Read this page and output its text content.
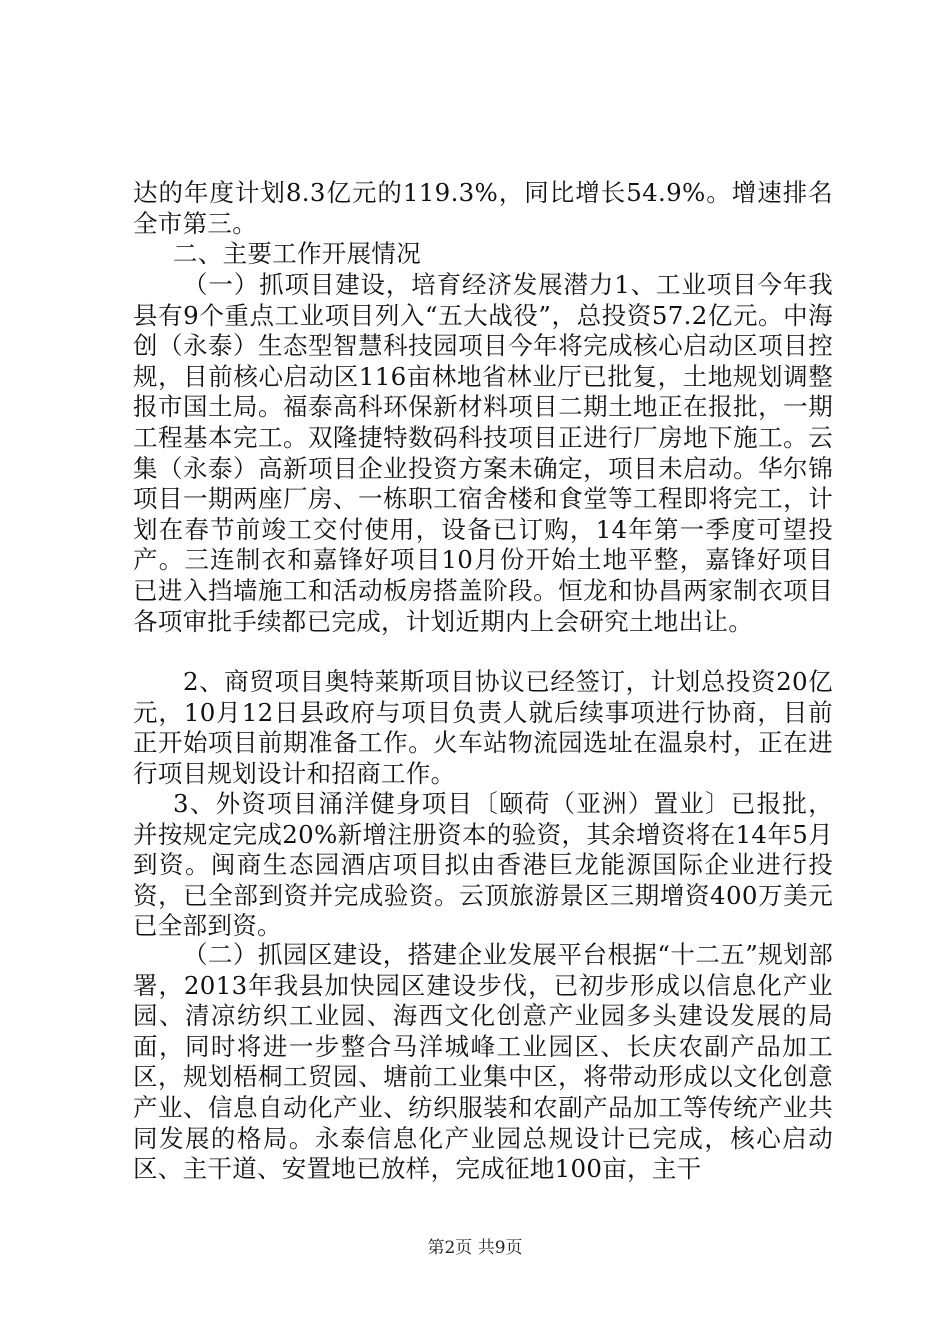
达的年度计划8.3亿元的119.3%，同比增长54.9%。增速排名全市第三。

二、主要工作开展情况

（一）抓项目建设，培育经济发展潜力1、工业项目今年我县有9个重点工业项目列入“五大战役”，总投资57.2亿元。中海创（永泰）生态型智慧科技园项目今年将完成核心启动区项目控规，目前核心启动区116亩林地省林业厅已批复，土地规划调整报市国土局。福泰高科环保新材料项目二期土地正在报批，一期工程基本完工。双隆捷特数码科技项目正进行厂房地下施工。云集（永泰）高新项目企业投资方案未确定，项目未启动。华尔锦项目一期两座厂房、一栋职工宿舍楼和食堂等工程即将完工，计划在春节前竣工交付使用，设备已订购，14年第一季度可望投产。三连制衣和嘉锋好项目10月份开始土地平整，嘉锋好项目已进入挡墙施工和活动板房搭盖阶段。恒龙和协昌两家制衣项目各项审批手续都已完成，计划近期内上会研究土地出让。

2、商贸项目奥特莱斯项目协议已经签订，计划总投资20亿元，10月12日县政府与项目负责人就后续事项进行协商，目前正开始项目前期准备工作。火车站物流园选址在温泉村，正在进行项目规划设计和招商工作。

3、外资项目涌洋健身项目〔颐荷（亚洲）置业〕已报批，并按规定完成20%新增注册资本的验资，其余增资将在14年5月到资。闽商生态园酒店项目拟由香港巨龙能源国际企业进行投资，已全部到资并完成验资。云顶旅游景区三期增资400万美元已全部到资。

（二）抓园区建设，搭建企业发展平台根据“十二五”规划部署，2013年我县加快园区建设步伐，已初步形成以信息化产业园、清凉纺织工业园、海西文化创意产业园多头建设发展的局面，同时将进一步整合马洋城峰工业园区、长庆农副产品加工区，规划梧桐工贸园、塘前工业集中区，将带动形成以文化创意产业、信息自动化产业、纺织服装和农副产品加工等传统产业共同发展的格局。永泰信息化产业园总规设计已完成，核心启动区、主干道、安置地已放样，完成征地100亩，主干

第2页 共9页
